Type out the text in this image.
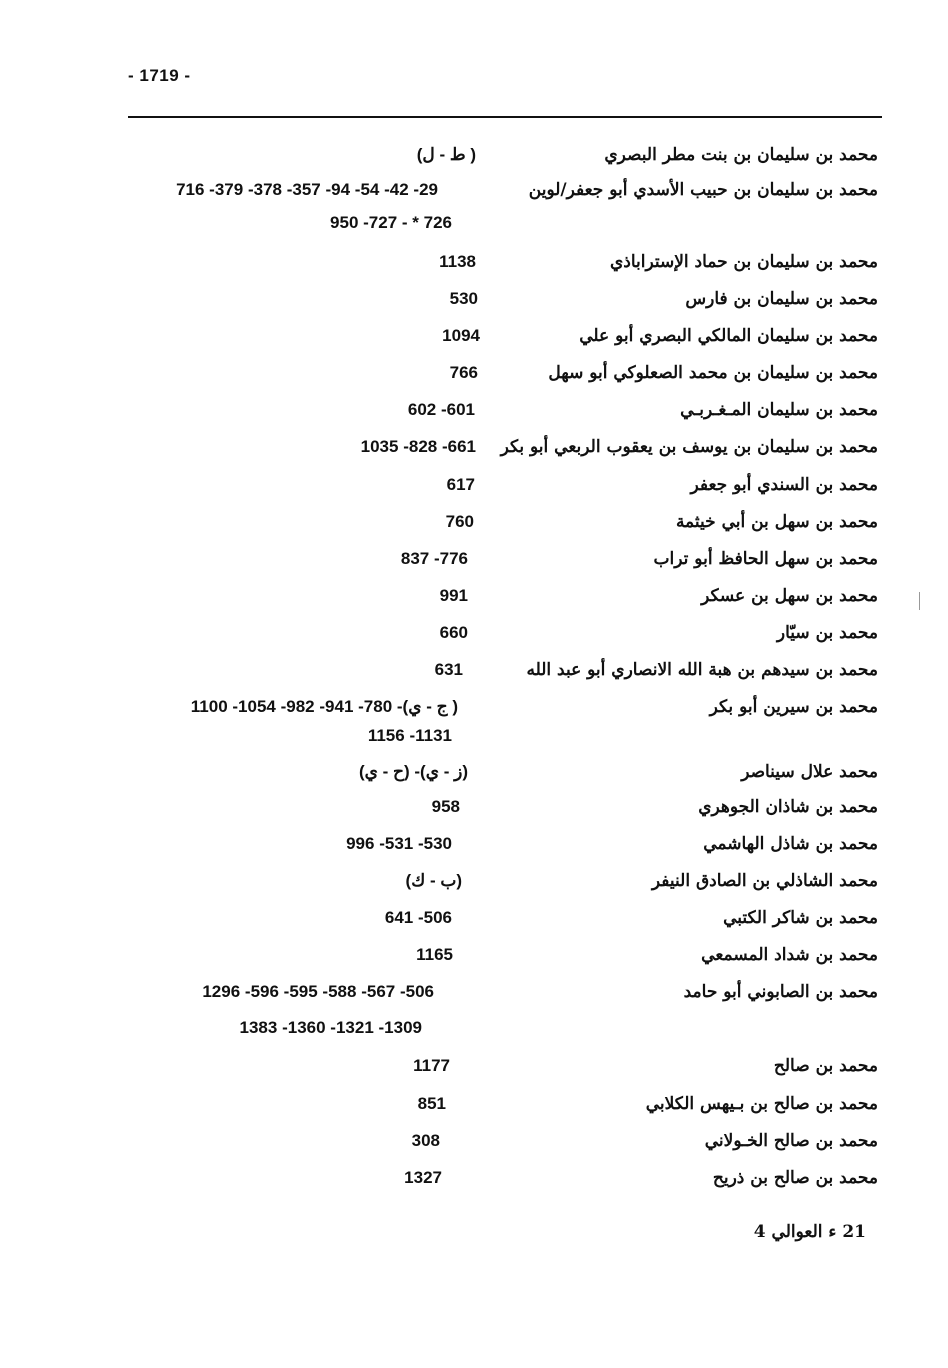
- 1719 -
محمد بن سليمان بن بنت مطر البصري
( ط - ل)
محمد بن سليمان بن حبيب الأسدي أبو جعفر/لوين
29- 42- 54- 94- 357- 378- 379- 716
726 * - 727- 950
محمد بن سليمان بن حماد الإستراباذي
1138
محمد بن سليمان بن فارس
530
محمد بن سليمان المالكي البصري أبو علي
1094
محمد بن سليمان بن محمد الصعلوكي أبو سهل
766
محمد بن سليمان المـغـربـي
601- 602
محمد بن سليمان بن يوسف بن يعقوب الربعي أبو بكر
661- 828- 1035
محمد بن السندي أبو جعفر
617
محمد بن سهل بن أبي خيثمة
760
محمد بن سهل الحافظ أبو تراب
776- 837
محمد بن سهل بن عسكر
991
محمد بن سيّار
660
محمد بن سيدهم بن هبة الله الانصاري أبو عبد الله
631
محمد بن سيرين أبو بكر
( ج - ي)- 780- 941- 982- 1054- 1100
1131- 1156
محمد علال سيناصر
(ز - ي)- (ح - ي)
محمد بن شاذان الجوهري
958
محمد بن شاذل الهاشمي
530- 531- 996
محمد الشاذلي بن الصادق النيفر
(ب - ك)
محمد بن شاكر الكتبي
506- 641
محمد بن شداد المسمعي
1165
محمد بن الصابوني أبو حامد
506- 567- 588- 595- 596- 1296
1309- 1321- 1360- 1383
محمد بن صالح
1177
محمد بن صالح بن بـيهس الكلابي
851
محمد بن صالح الخـولاني
308
محمد بن صالح بن ذريح
1327
21 ء العوالي 4
